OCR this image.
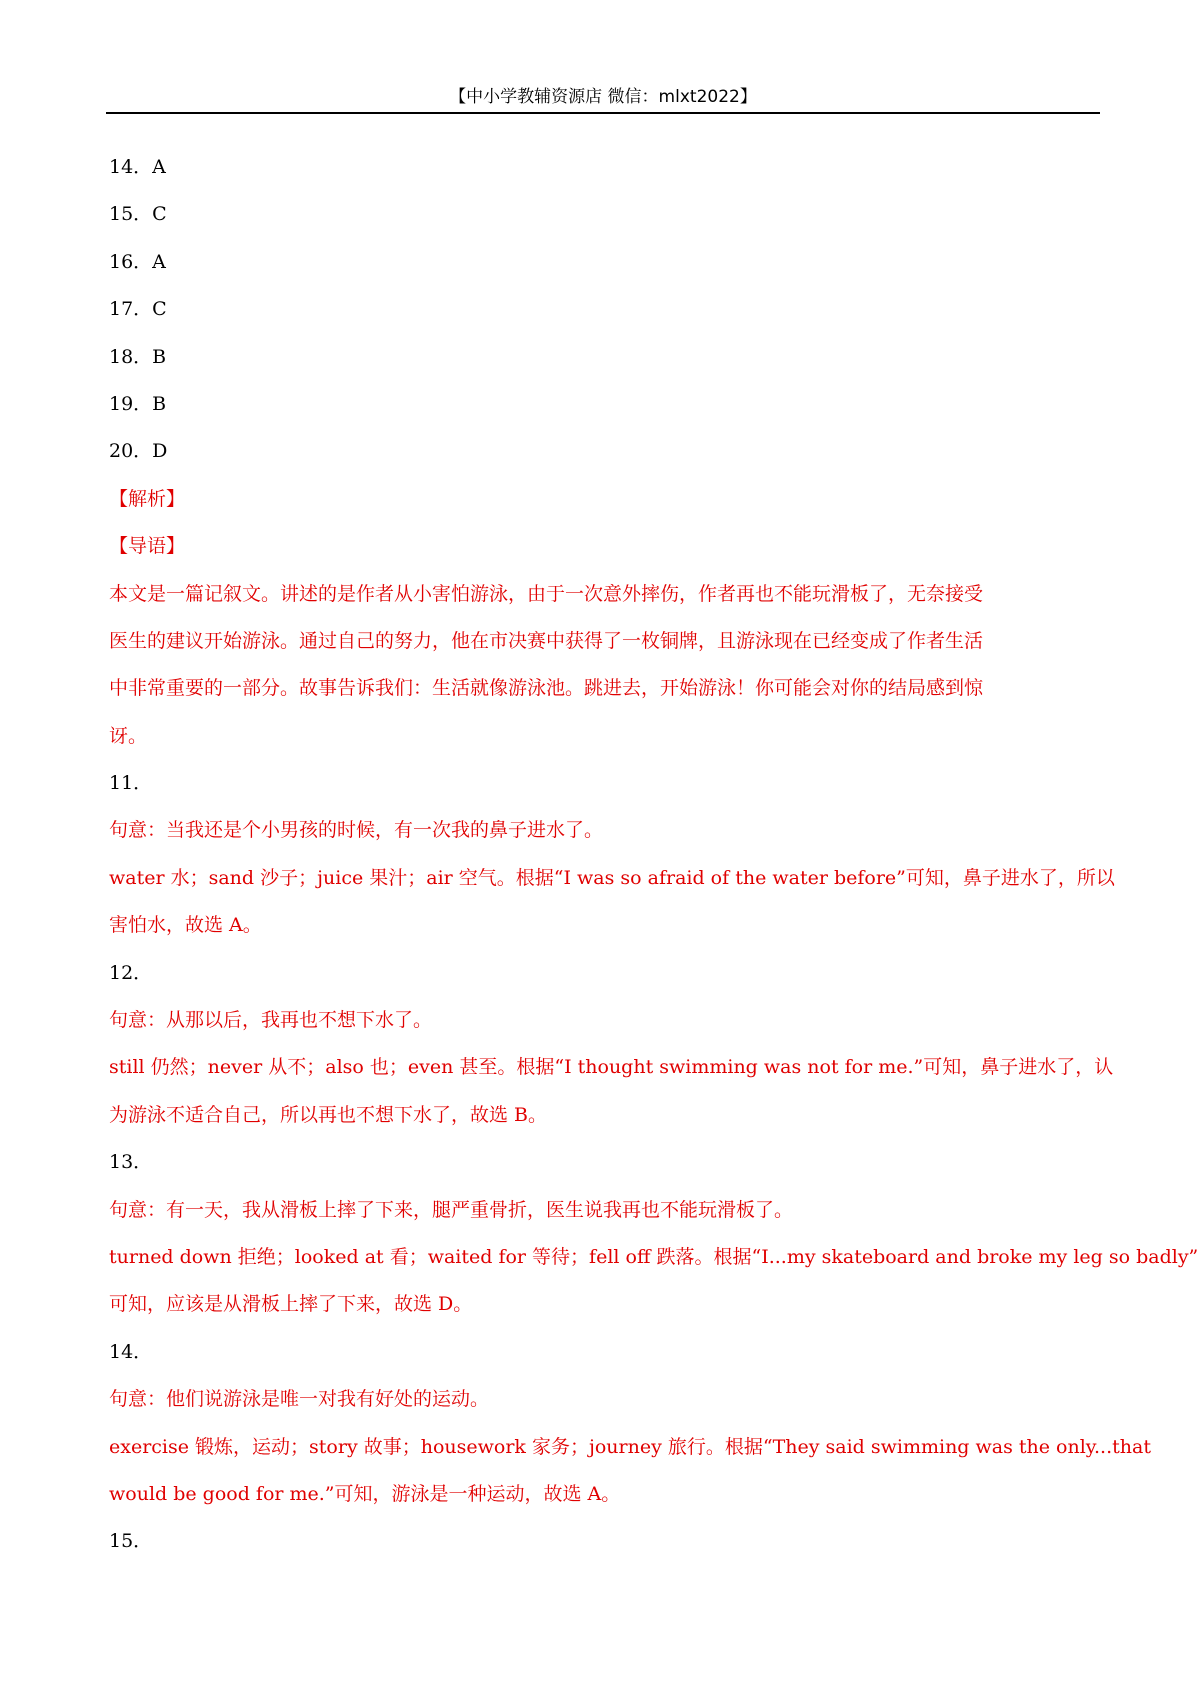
【中小学教辅资源店 微信：mlxt2022】
14．A
15．C
16．A
17．C
18．B
19．B
20．D
【解析】
【导语】
本文是一篇记叙文。讲述的是作者从小害怕游泳，由于一次意外摔伤，作者再也不能玩滑板了，无奈接受
医生的建议开始游泳。通过自己的努力，他在市决赛中获得了一枚铜牌，且游泳现在已经变成了作者生活
中非常重要的一部分。故事告诉我们：生活就像游泳池。跳进去，开始游泳！你可能会对你的结局感到惊
讶。
11．
句意：当我还是个小男孩的时候，有一次我的鼻子进水了。
water 水；sand 沙子；juice 果汁；air 空气。根据“I was so afraid of the water before”可知，鼻子进水了，所以
害怕水，故选 A。
12．
句意：从那以后，我再也不想下水了。
still 仍然；never 从不；also 也；even 甚至。根据“I thought swimming was not for me.”可知，鼻子进水了，认
为游泳不适合自己，所以再也不想下水了，故选 B。
13．
句意：有一天，我从滑板上摔了下来，腿严重骨折，医生说我再也不能玩滑板了。
turned down 拒绝；looked at 看；waited for 等待；fell off 跌落。根据“I...my skateboard and broke my leg so badly”
可知，应该是从滑板上摔了下来，故选 D。
14．
句意：他们说游泳是唯一对我有好处的运动。
exercise 锻炼，运动；story 故事；housework 家务；journey 旅行。根据“They said swimming was the only...that
would be good for me.”可知，游泳是一种运动，故选 A。
15．
